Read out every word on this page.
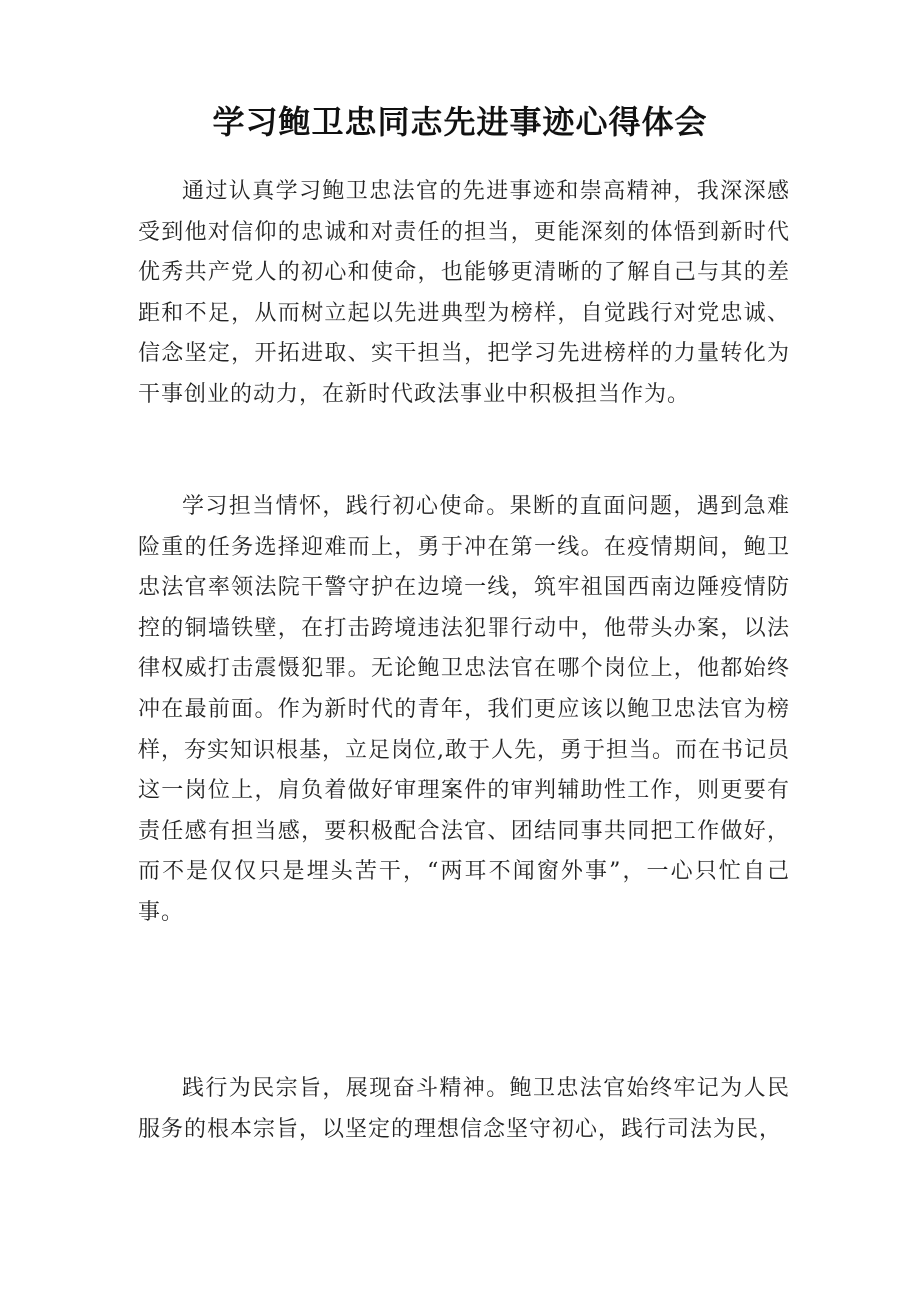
学习鲍卫忠同志先进事迹心得体会

通过认真学习鲍卫忠法官的先进事迹和崇高精神，我深深感受到他对信仰的忠诚和对责任的担当，更能深刻的体悟到新时代优秀共产党人的初心和使命，也能够更清晰的了解自己与其的差距和不足，从而树立起以先进典型为榜样，自觉践行对党忠诚、信念坚定，开拓进取、实干担当，把学习先进榜样的力量转化为干事创业的动力，在新时代政法事业中积极担当作为。

学习担当情怀，践行初心使命。果断的直面问题，遇到急难险重的任务选择迎难而上，勇于冲在第一线。在疫情期间，鲍卫忠法官率领法院干警守护在边境一线，筑牢祖国西南边陲疫情防控的铜墙铁壁，在打击跨境违法犯罪行动中，他带头办案，以法律权威打击震慑犯罪。无论鲍卫忠法官在哪个岗位上，他都始终冲在最前面。作为新时代的青年，我们更应该以鲍卫忠法官为榜样，夯实知识根基，立足岗位,敢于人先，勇于担当。而在书记员这一岗位上，肩负着做好审理案件的审判辅助性工作，则更要有责任感有担当感，要积极配合法官、团结同事共同把工作做好，而不是仅仅只是埋头苦干，“两耳不闻窗外事”，一心只忙自己事。

践行为民宗旨，展现奋斗精神。鲍卫忠法官始终牢记为人民服务的根本宗旨，以坚定的理想信念坚守初心，践行司法为民，
